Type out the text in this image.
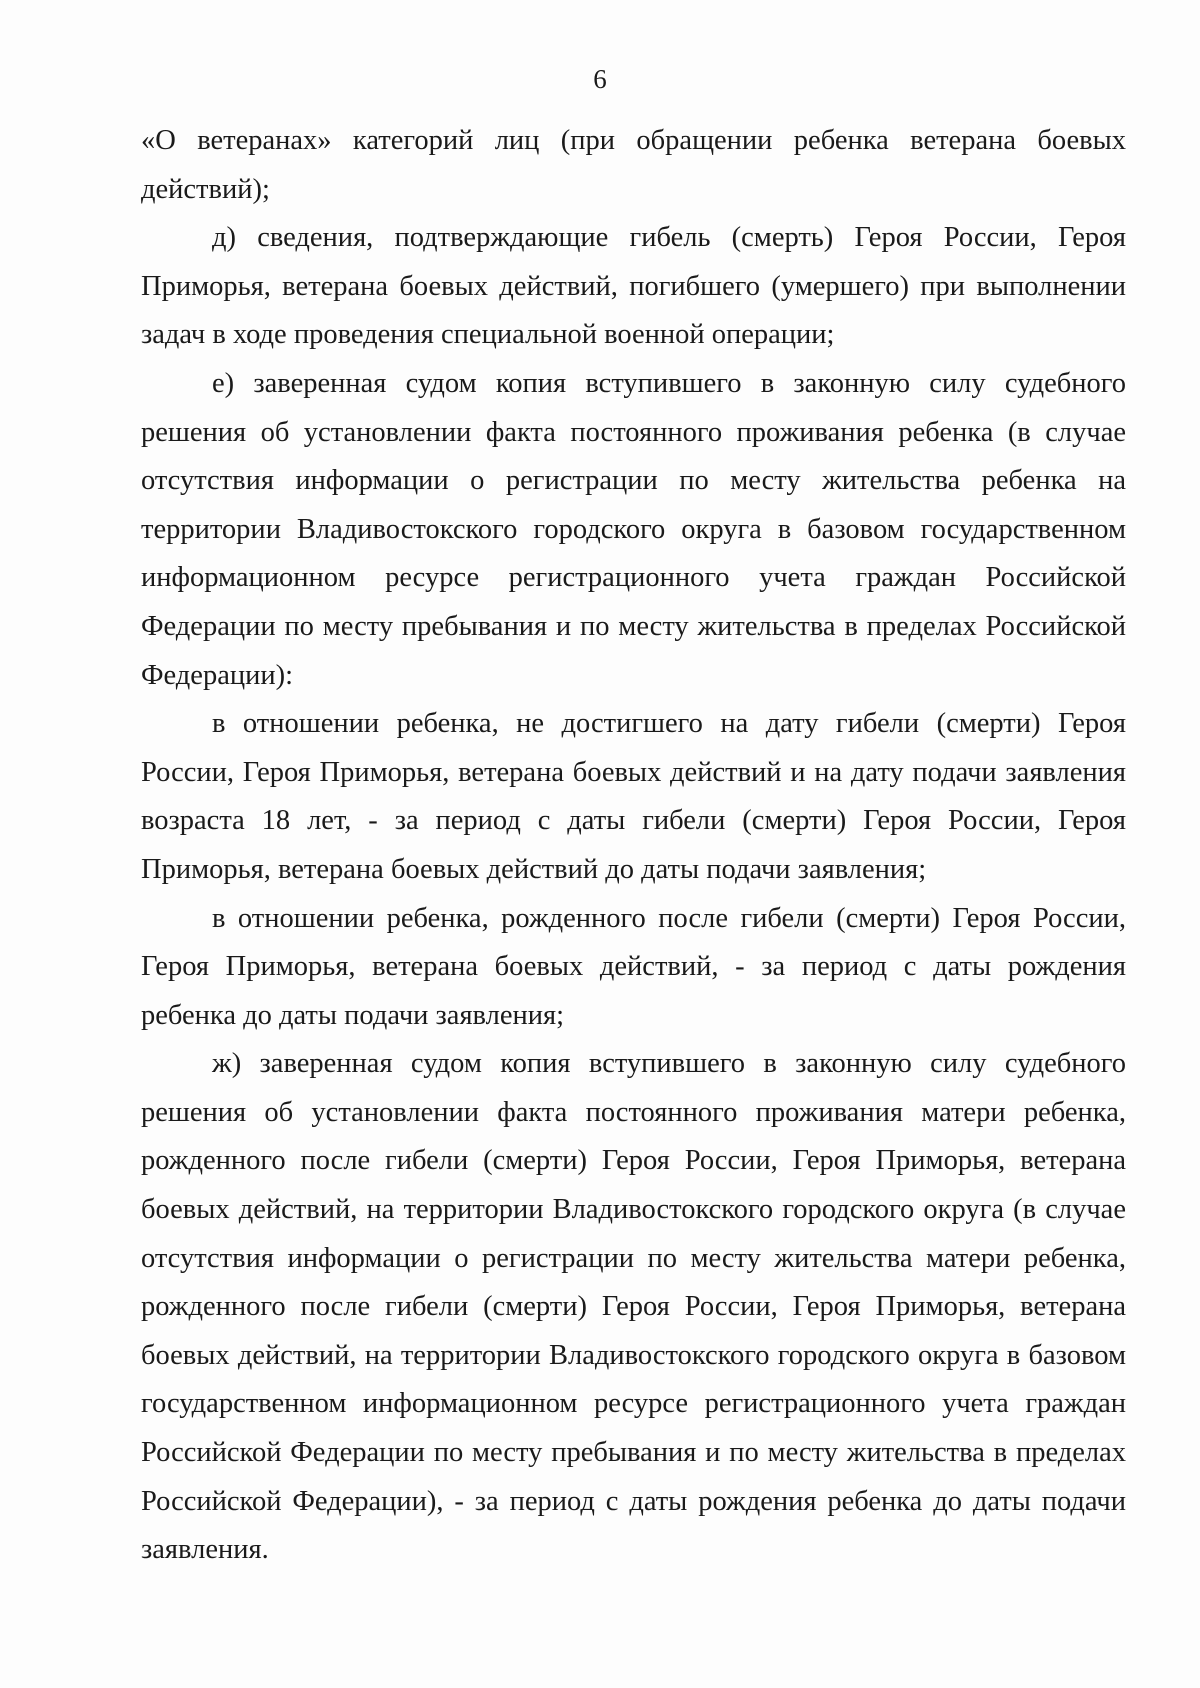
6

«О ветеранах» категорий лиц (при обращении ребенка ветерана боевых действий);

д) сведения, подтверждающие гибель (смерть) Героя России, Героя Приморья, ветерана боевых действий, погибшего (умершего) при выполнении задач в ходе проведения специальной военной операции;

е) заверенная судом копия вступившего в законную силу судебного решения об установлении факта постоянного проживания ребенка (в случае отсутствия информации о регистрации по месту жительства ребенка на территории Владивостокского городского округа в базовом государственном информационном ресурсе регистрационного учета граждан Российской Федерации по месту пребывания и по месту жительства в пределах Российской Федерации):

в отношении ребенка, не достигшего на дату гибели (смерти) Героя России, Героя Приморья, ветерана боевых действий и на дату подачи заявления возраста 18 лет, - за период с даты гибели (смерти) Героя России, Героя Приморья, ветерана боевых действий до даты подачи заявления;

в отношении ребенка, рожденного после гибели (смерти) Героя России, Героя Приморья, ветерана боевых действий, - за период с даты рождения ребенка до даты подачи заявления;

ж) заверенная судом копия вступившего в законную силу судебного решения об установлении факта постоянного проживания матери ребенка, рожденного после гибели (смерти) Героя России, Героя Приморья, ветерана боевых действий, на территории Владивостокского городского округа (в случае отсутствия информации о регистрации по месту жительства матери ребенка, рожденного после гибели (смерти) Героя России, Героя Приморья, ветерана боевых действий, на территории Владивостокского городского округа в базовом государственном информационном ресурсе регистрационного учета граждан Российской Федерации по месту пребывания и по месту жительства в пределах Российской Федерации), - за период с даты рождения ребенка до даты подачи заявления.
